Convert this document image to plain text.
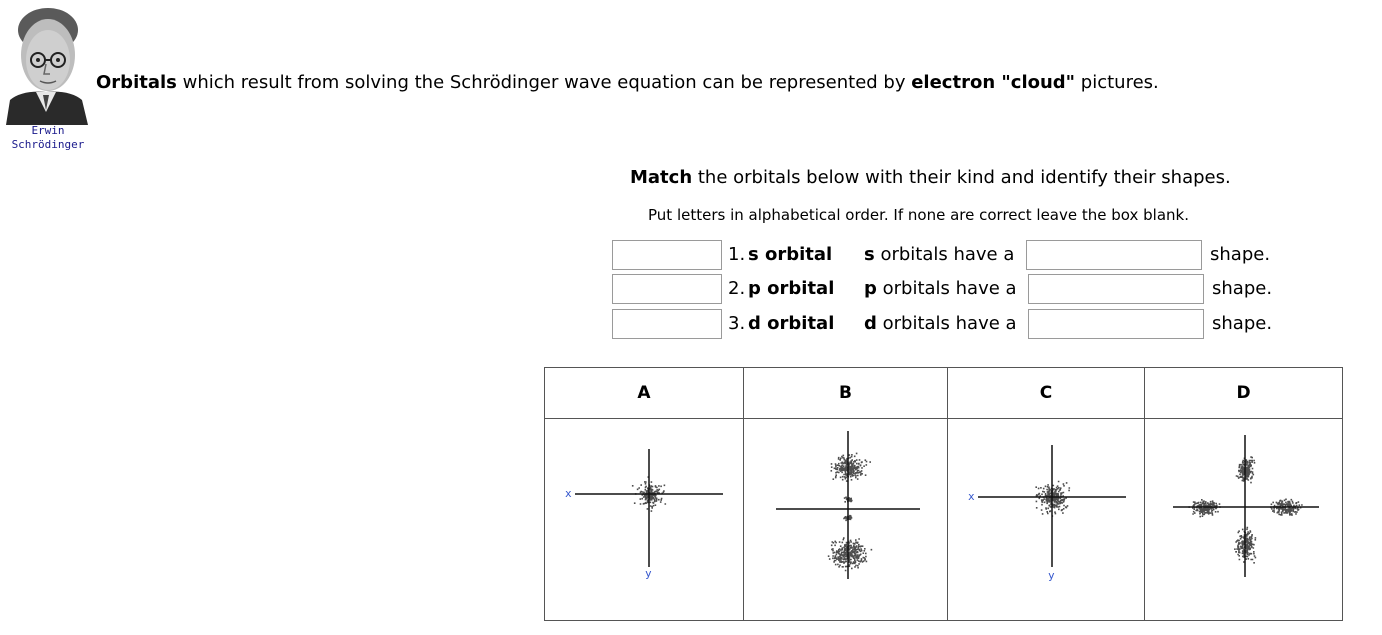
Erwin
Schrödinger
Orbitals which result from solving the Schrödinger wave equation can be represented by electron "cloud" pictures.
Match the orbitals below with their kind and identify their shapes.
Put letters in alphabetical order. If none are correct leave the box blank.
1. s orbital s orbitals have a	shape.
2. p orbital p orbitals have a	shape.
3. d orbital d orbitals have a	shape.
A	B	C	D
x
y
x
y
